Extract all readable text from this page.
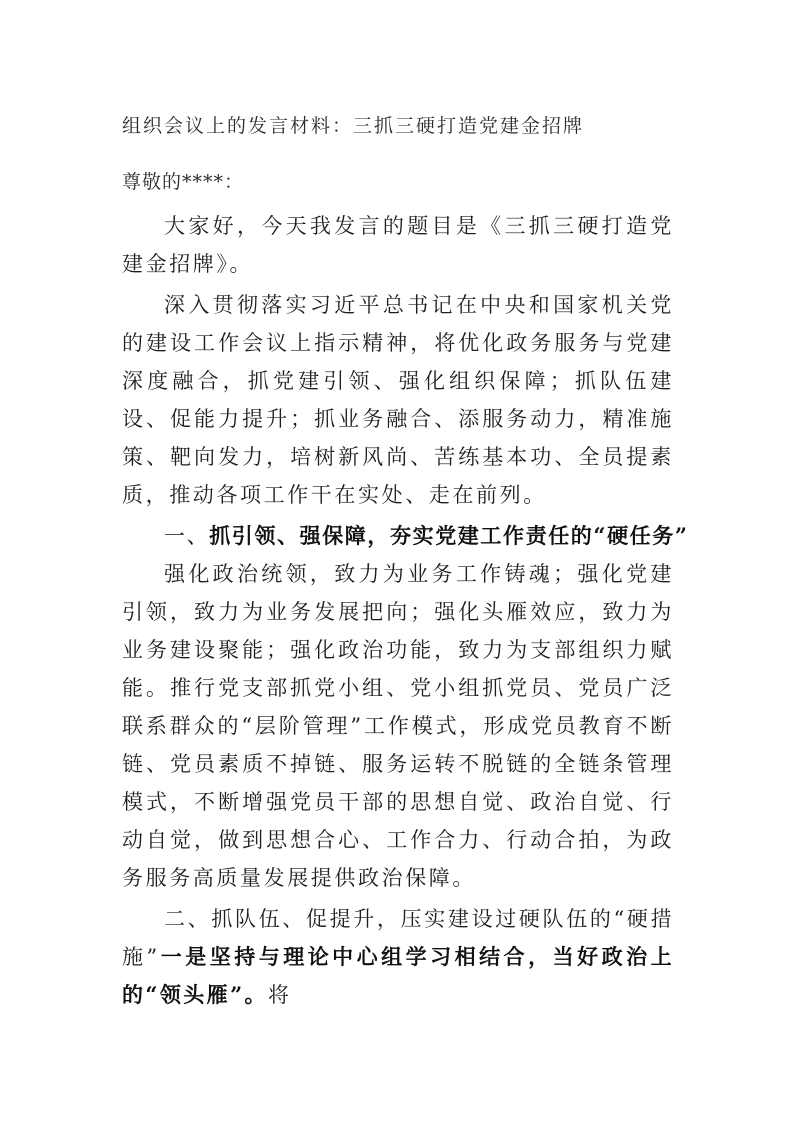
组织会议上的发言材料：三抓三硬打造党建金招牌
尊敬的****：

大家好，今天我发言的题目是《三抓三硬打造党建金招牌》。

深入贯彻落实习近平总书记在中央和国家机关党的建设工作会议上指示精神，将优化政务服务与党建深度融合，抓党建引领、强化组织保障；抓队伍建设、促能力提升；抓业务融合、添服务动力，精准施策、靶向发力，培树新风尚、苦练基本功、全员提素质，推动各项工作干在实处、走在前列。

一、抓引领、强保障，夯实党建工作责任的“硬任务”

强化政治统领，致力为业务工作铸魂；强化党建引领，致力为业务发展把向；强化头雁效应，致力为业务建设聚能；强化政治功能，致力为支部组织力赋能。推行党支部抓党小组、党小组抓党员、党员广泛联系群众的“层阶管理”工作模式，形成党员教育不断链、党员素质不掉链、服务运转不脱链的全链条管理模式，不断增强党员干部的思想自觉、政治自觉、行动自觉，做到思想合心、工作合力、行动合拍，为政务服务高质量发展提供政治保障。

二、抓队伍、促提升，压实建设过硬队伍的“硬措施”一是坚持与理论中心组学习相结合，当好政治上的“领头雁”。将
